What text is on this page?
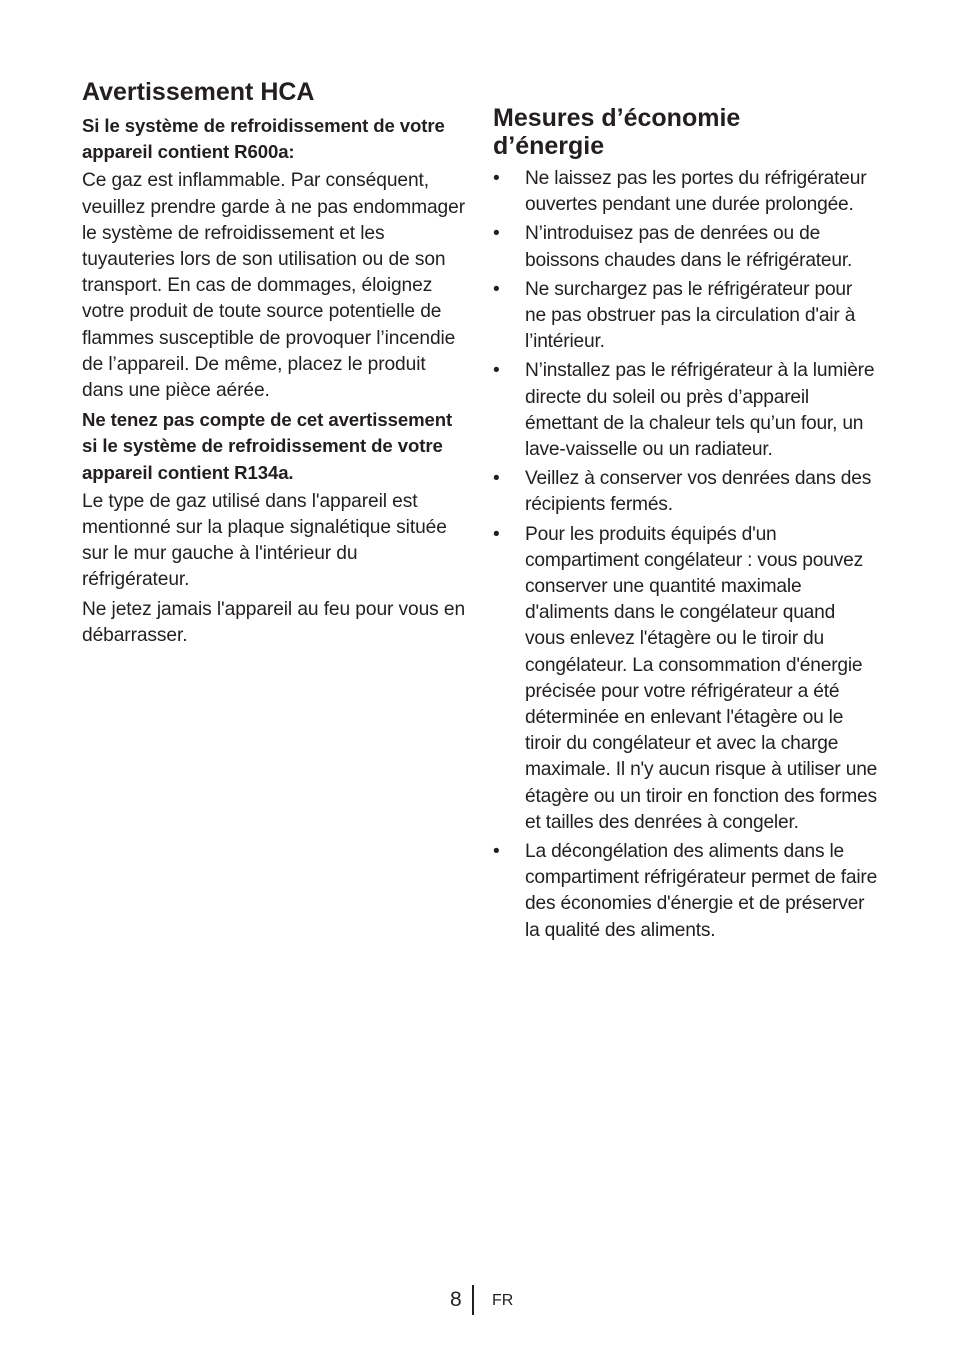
Avertissement HCA

Si le système de refroidissement de votre appareil contient R600a:

Ce gaz est inflammable. Par conséquent, veuillez prendre garde à ne pas endommager le système de refroidissement et les tuyauteries lors de son utilisation ou de son transport. En cas de dommages, éloignez votre produit de toute source potentielle de flammes susceptible de provoquer l’incendie de l’appareil. De même, placez le produit dans une pièce aérée.

Ne tenez pas compte de cet avertissement si le système de refroidissement de votre appareil contient R134a.

Le type de gaz utilisé dans l'appareil est mentionné sur la plaque signalétique située sur le mur gauche à l'intérieur du réfrigérateur.

Ne jetez jamais l'appareil au feu pour vous en débarrasser.

Mesures d’économie d’énergie
• Ne laissez pas les portes du réfrigérateur ouvertes pendant une durée prolongée.
• N’introduisez pas de denrées ou de boissons chaudes dans le réfrigérateur.
• Ne surchargez pas le réfrigérateur pour ne pas obstruer pas la circulation d'air à l’intérieur.
• N’installez pas le réfrigérateur à la lumière directe du soleil ou près d’appareil émettant de la chaleur tels qu’un four, un lave-vaisselle ou un radiateur.
• Veillez à conserver vos denrées dans des récipients fermés.
• Pour les produits équipés d'un compartiment congélateur : vous pouvez conserver une quantité maximale d'aliments dans le congélateur quand vous enlevez l'étagère ou le tiroir du congélateur. La consommation d'énergie précisée pour votre réfrigérateur a été déterminée en enlevant l'étagère ou le tiroir du congélateur et avec la charge maximale. Il n'y aucun risque à utiliser une étagère ou un tiroir en fonction des formes et tailles des denrées à congeler.
• La décongélation des aliments dans le compartiment réfrigérateur permet de faire des économies d'énergie et de préserver la qualité des aliments.
8 FR
